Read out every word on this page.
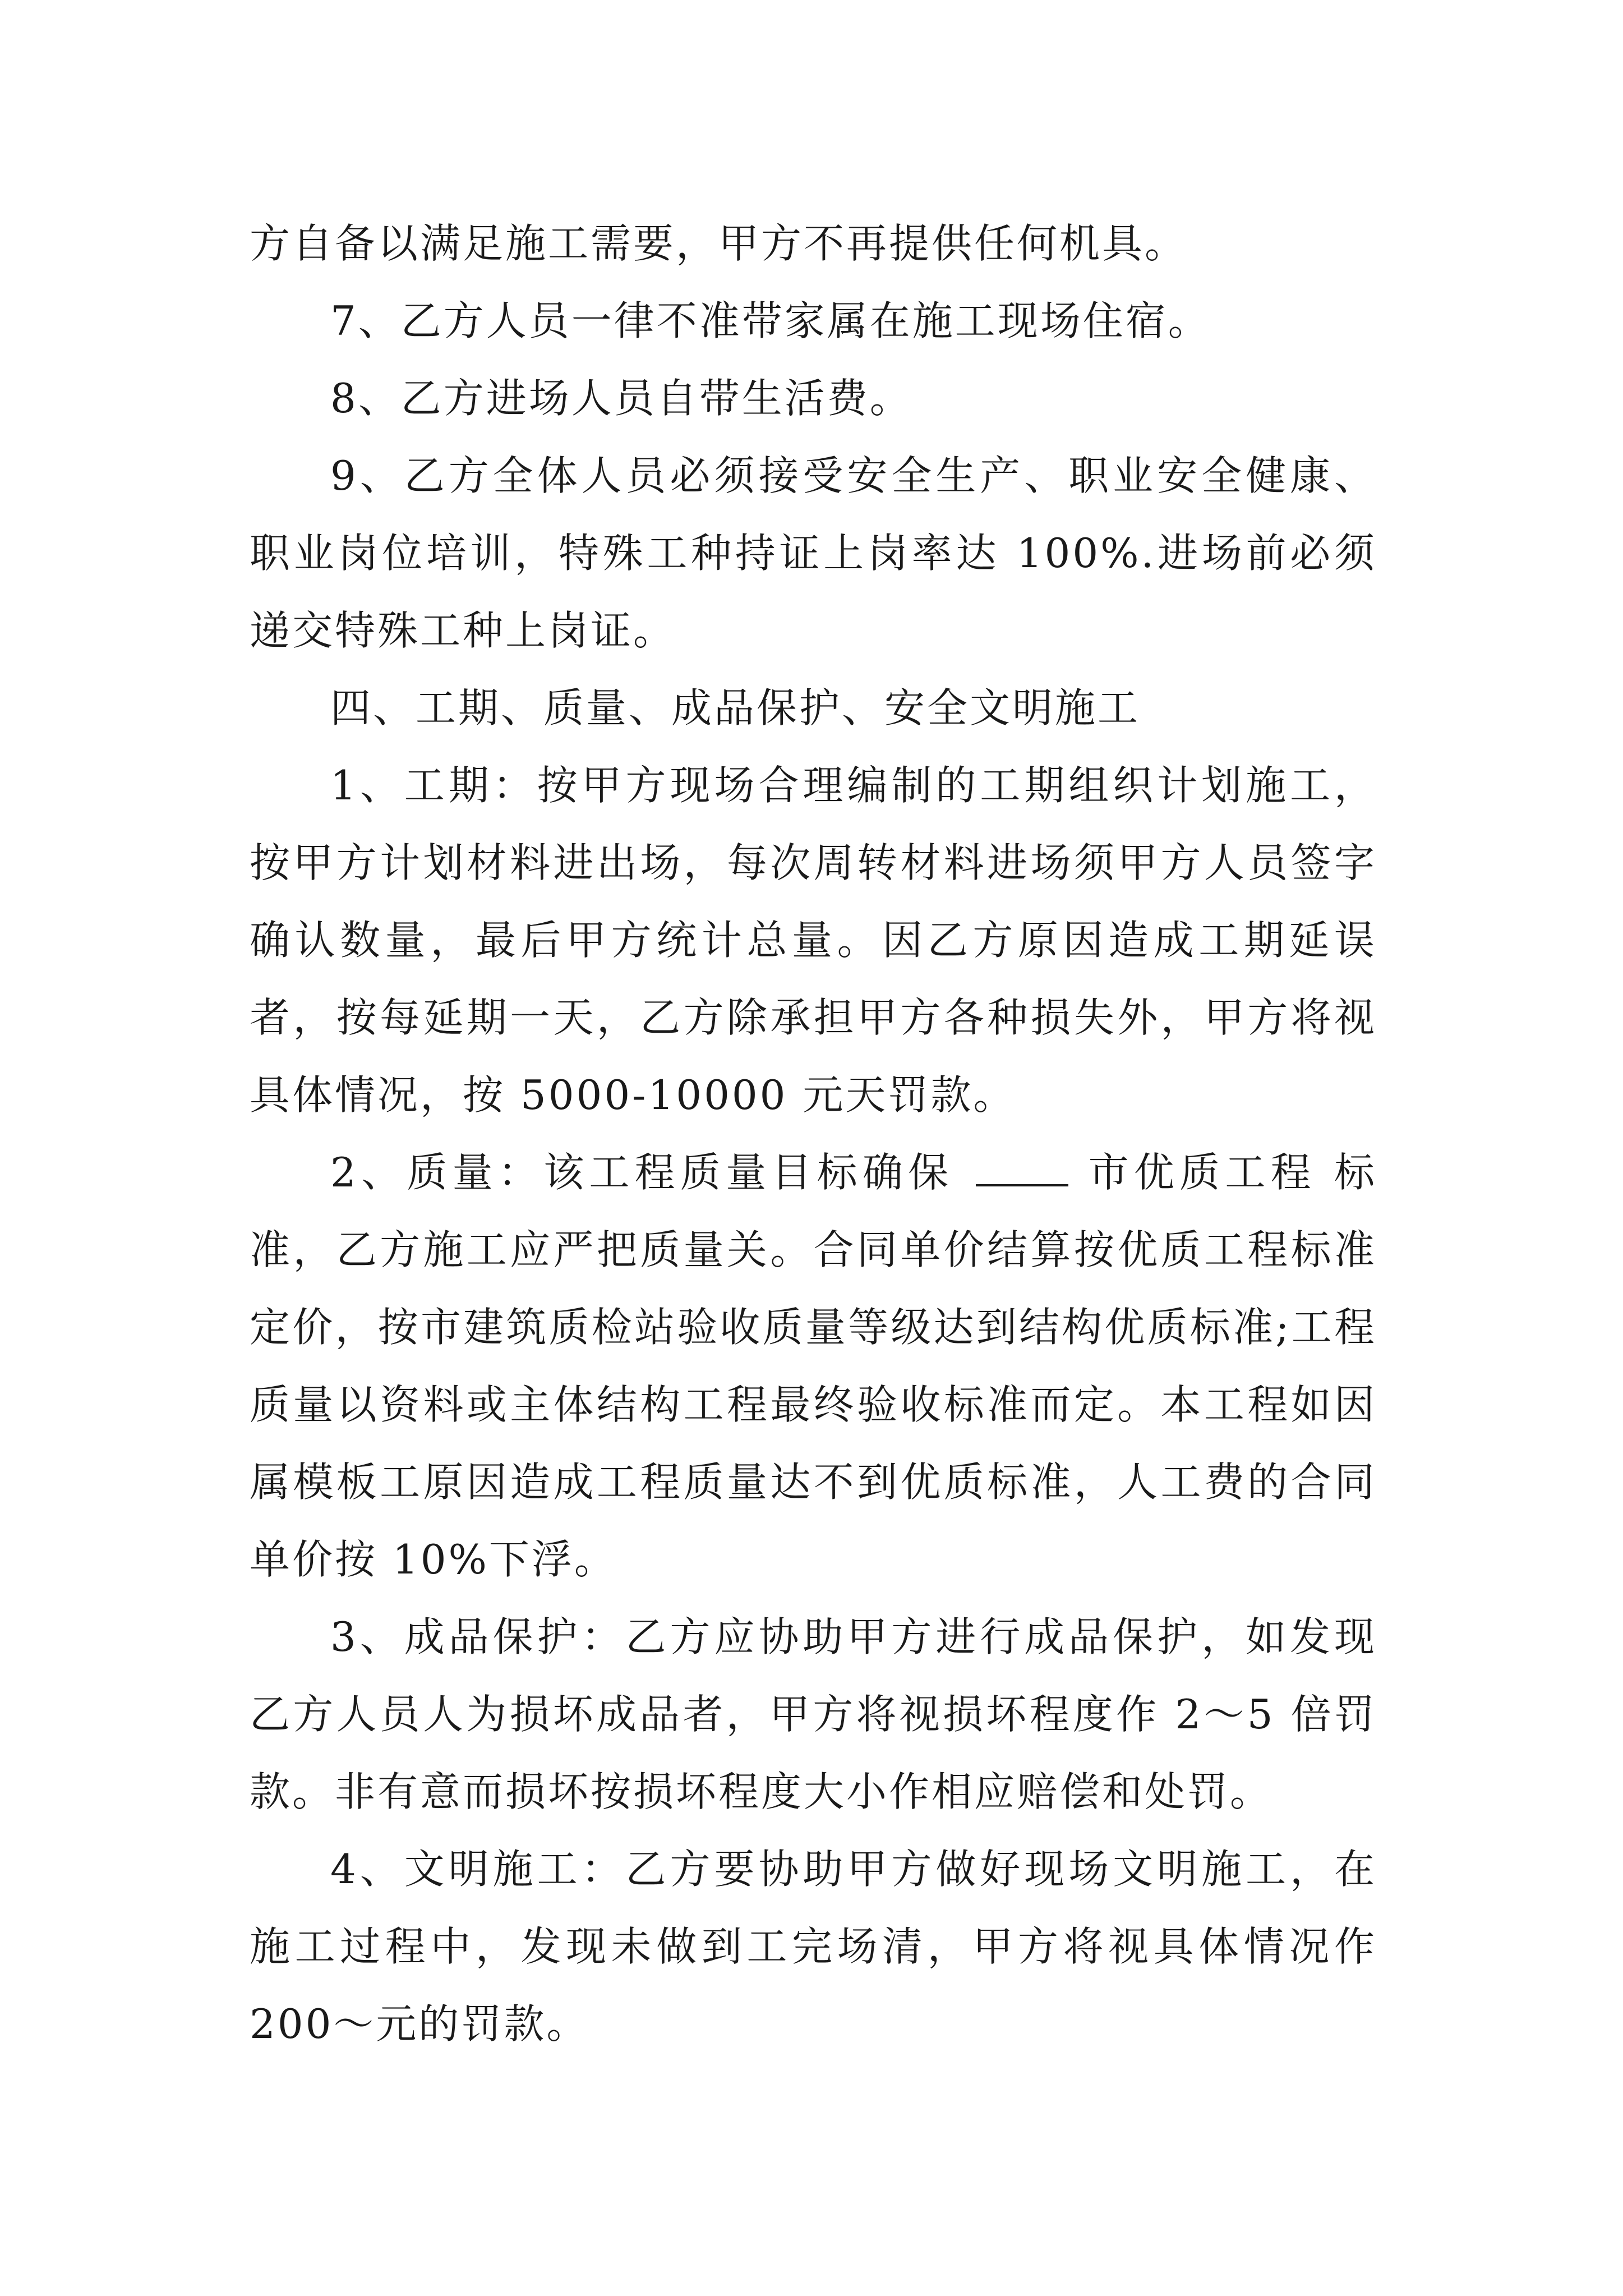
方自备以满足施工需要，甲方不再提供任何机具。

7、乙方人员一律不准带家属在施工现场住宿。

8、乙方进场人员自带生活费。

9、乙方全体人员必须接受安全生产、职业安全健康、职业岗位培训，特殊工种持证上岗率达 100%.进场前必须递交特殊工种上岗证。

四、工期、质量、成品保护、安全文明施工

1、工期：按甲方现场合理编制的工期组织计划施工，按甲方计划材料进出场，每次周转材料进场须甲方人员签字确认数量，最后甲方统计总量。因乙方原因造成工期延误者，按每延期一天，乙方除承担甲方各种损失外，甲方将视具体情况，按 5000-10000 元天罚款。

2、质量：该工程质量目标确保	市优质工程 标准，乙方施工应严把质量关。合同单价结算按优质工程标准定价，按市建筑质检站验收质量等级达到结构优质标准;工程质量以资料或主体结构工程最终验收标准而定。本工程如因属模板工原因造成工程质量达不到优质标准，人工费的合同单价按 10%下浮。

3、成品保护：乙方应协助甲方进行成品保护，如发现乙方人员人为损坏成品者，甲方将视损坏程度作 2～5 倍罚款。非有意而损坏按损坏程度大小作相应赔偿和处罚。

4、文明施工：乙方要协助甲方做好现场文明施工，在施工过程中，发现未做到工完场清，甲方将视具体情况作 200～元的罚款。
